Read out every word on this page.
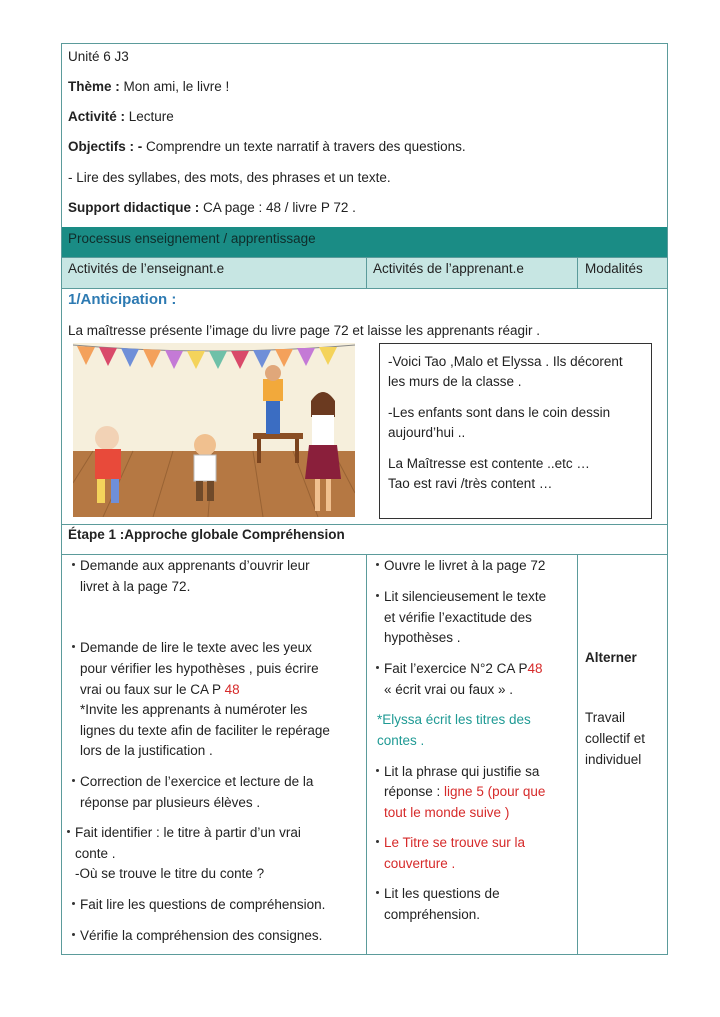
Unité 6 J3
Thème : Mon ami, le livre !
Activité : Lecture
Objectifs : - Comprendre un texte narratif à travers des questions.
- Lire des syllabes, des mots, des phrases et un texte.
Support didactique : CA page : 48 / livre P 72 .
Processus enseignement / apprentissage
Activités de l’enseignant.e	Activités de l’apprenant.e	Modalités
1/Anticipation :
La maîtresse présente l’image du livre page 72 et laisse les apprenants réagir .
-Voici Tao ,Malo et Elyssa . Ils décorent
les murs de la classe .
-Les enfants sont dans le coin dessin
aujourd’hui ..
La Maîtresse est contente ..etc …
Tao est ravi /très content …
Étape 1 :Approche globale Compréhension
Demande aux apprenants d’ouvrir leur
livret à la page 72.
Demande de lire le texte avec les yeux
pour vérifier les hypothèses , puis écrire
vrai ou faux sur le CA P 48
*Invite les apprenants à numéroter les
lignes du texte afin de faciliter le repérage
lors de la justification .
Correction de l’exercice et lecture de la
réponse par plusieurs élèves .
Fait identifier : le titre à partir d’un vrai
conte .
-Où se trouve le titre du conte ?
Fait lire les questions de compréhension.
Vérifie la compréhension des consignes.
Ouvre le livret à la page 72
Lit silencieusement le texte
et vérifie l’exactitude des
hypothèses .
Fait l’exercice N°2 CA P48
« écrit vrai ou faux » .
*Elyssa écrit les titres des
contes .
Lit la phrase qui justifie sa
réponse : ligne 5 (pour que
tout le monde suive )
Le Titre se trouve sur la
couverture .
Lit les questions de
compréhension.
Alterner
Travail
collectif et
individuel
